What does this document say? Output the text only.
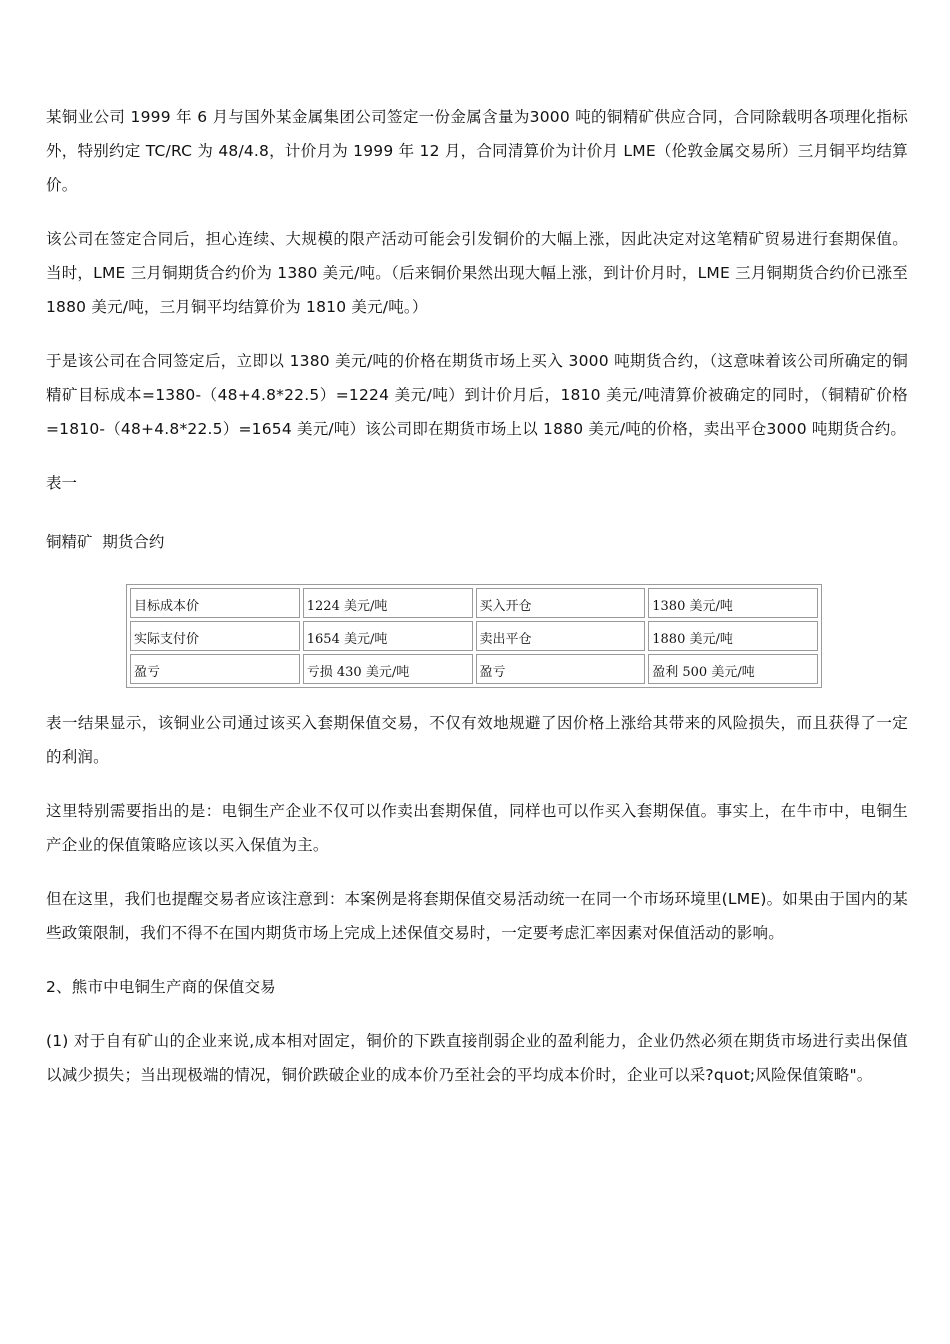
某铜业公司 1999 年 6 月与国外某金属集团公司签定一份金属含量为3000 吨的铜精矿供应合同，合同除载明各项理化指标外，特别约定 TC/RC 为 48/4.8，计价月为 1999 年 12 月，合同清算价为计价月 LME（伦敦金属交易所）三月铜平均结算价。

该公司在签定合同后，担心连续、大规模的限产活动可能会引发铜价的大幅上涨，因此决定对这笔精矿贸易进行套期保值。当时，LME 三月铜期货合约价为 1380 美元/吨。（后来铜价果然出现大幅上涨，到计价月时，LME 三月铜期货合约价已涨至 1880 美元/吨，三月铜平均结算价为 1810 美元/吨。）

于是该公司在合同签定后，立即以 1380 美元/吨的价格在期货市场上买入 3000 吨期货合约，（这意味着该公司所确定的铜精矿目标成本=1380-（48+4.8*22.5）=1224 美元/吨）到计价月后，1810 美元/吨清算价被确定的同时，（铜精矿价格=1810-（48+4.8*22.5）=1654 美元/吨）该公司即在期货市场上以 1880 美元/吨的价格，卖出平仓3000 吨期货合约。

表一

铜精矿  期货合约

目标成本价	1224 美元/吨	买入开仓	1380 美元/吨
实际支付价	1654 美元/吨	卖出平仓	1880 美元/吨
盈亏	亏损 430 美元/吨	盈亏	盈利 500 美元/吨

表一结果显示，该铜业公司通过该买入套期保值交易，不仅有效地规避了因价格上涨给其带来的风险损失，而且获得了一定的利润。

这里特别需要指出的是：电铜生产企业不仅可以作卖出套期保值，同样也可以作买入套期保值。事实上，在牛市中，电铜生产企业的保值策略应该以买入保值为主。

但在这里，我们也提醒交易者应该注意到：本案例是将套期保值交易活动统一在同一个市场环境里(LME)。如果由于国内的某些政策限制，我们不得不在国内期货市场上完成上述保值交易时，一定要考虑汇率因素对保值活动的影响。

2、熊市中电铜生产商的保值交易

(1) 对于自有矿山的企业来说,成本相对固定，铜价的下跌直接削弱企业的盈利能力，企业仍然必须在期货市场进行卖出保值以减少损失；当出现极端的情况，铜价跌破企业的成本价乃至社会的平均成本价时，企业可以采?quot;风险保值策略"。
